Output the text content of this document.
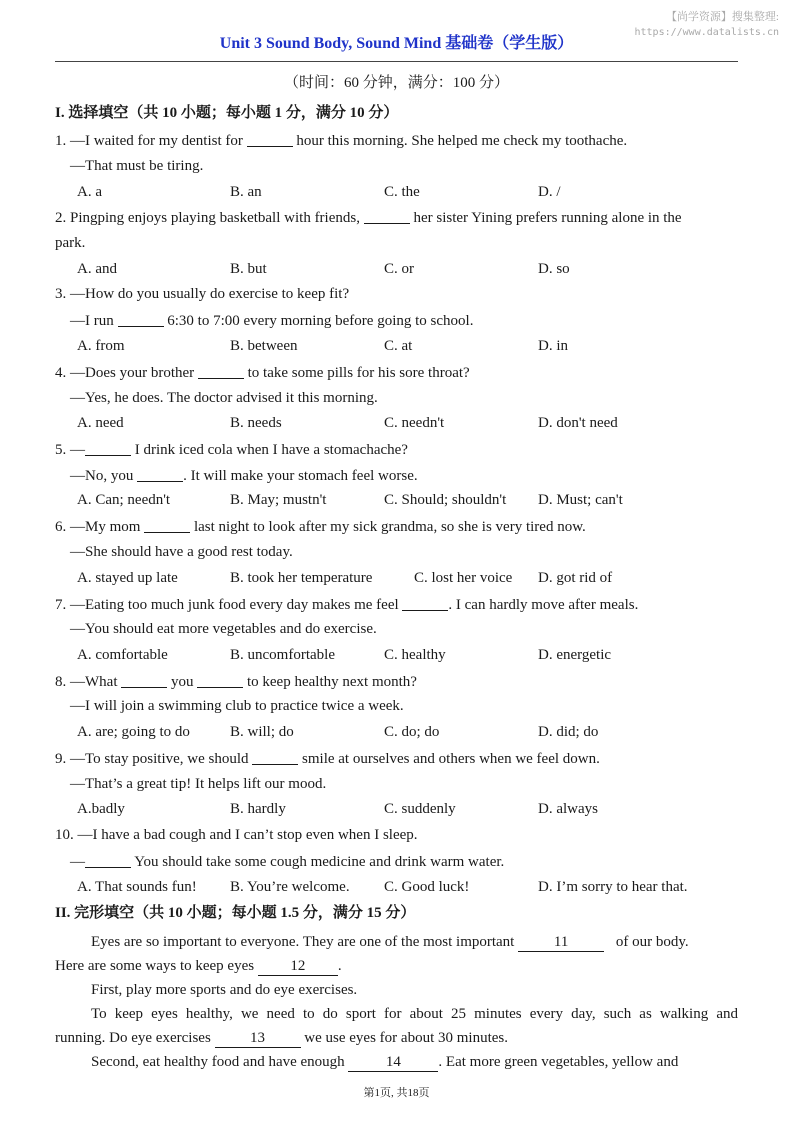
【尚学资源】搜集整理:
https://www.datalists.cn
Unit 3 Sound Body, Sound Mind 基础卷（学生版）
（时间：60 分钟，满分：100 分）
I. 选择填空（共 10 小题；每小题 1 分，满分 10 分）
1. —I waited for my dentist for	hour this morning. She helped me check my toothache.
—That must be tiring.
A. a	B. an	C. the	D. /
2. Pingping enjoys playing basketball with friends,	her sister Yining prefers running alone in the
park.
A. and	B. but	C. or	D. so
3. —How do you usually do exercise to keep fit?
—I run	6:30 to 7:00 every morning before going to school.
A. from	B. between	C. at	D. in
4. —Does your brother	to take some pills for his sore throat?
—Yes, he does. The doctor advised it this morning.
A. need	B. needs	C. needn't	D. don't need
5. —	I drink iced cola when I have a stomachache?
—No, you	. It will make your stomach feel worse.
A. Can; needn't	B. May; mustn't	C. Should; shouldn't D. Must; can't
6. —My mom	last night to look after my sick grandma, so she is very tired now.
—She should have a good rest today.
A. stayed up late	B. took her temperature	C. lost her voice D. got rid of
7. —Eating too much junk food every day makes me feel	. I can hardly move after meals.
—You should eat more vegetables and do exercise.
A. comfortable	B. uncomfortable	C. healthy	D. energetic
8. —What	you	to keep healthy next month?
—I will join a swimming club to practice twice a week.
A. are; going to do	B. will; do	C. do; do	D. did; do
9. —To stay positive, we should	smile at ourselves and others when we feel down.
—That’s a great tip! It helps lift our mood.
A.badly	B. hardly	C. suddenly	D. always
10. —I have a bad cough and I can’t stop even when I sleep.
—	You should take some cough medicine and drink warm water.
A. That sounds fun! B. You’re welcome. C. Good luck!	D. I’m sorry to hear that.
II. 完形填空（共 10 小题；每小题 1.5 分，满分 15 分）
Eyes are so important to everyone. They are one of the most important 11	of our body.
Here are some ways to keep eyes 12 .
First, play more sports and do eye exercises.
To keep eyes healthy, we need to do sport for about 25 minutes every day, such as walking and
running. Do eye exercises 13 we use eyes for about 30 minutes.
Second, eat healthy food and have enough	14	. Eat more green vegetables, yellow and
第1页, 共18页
